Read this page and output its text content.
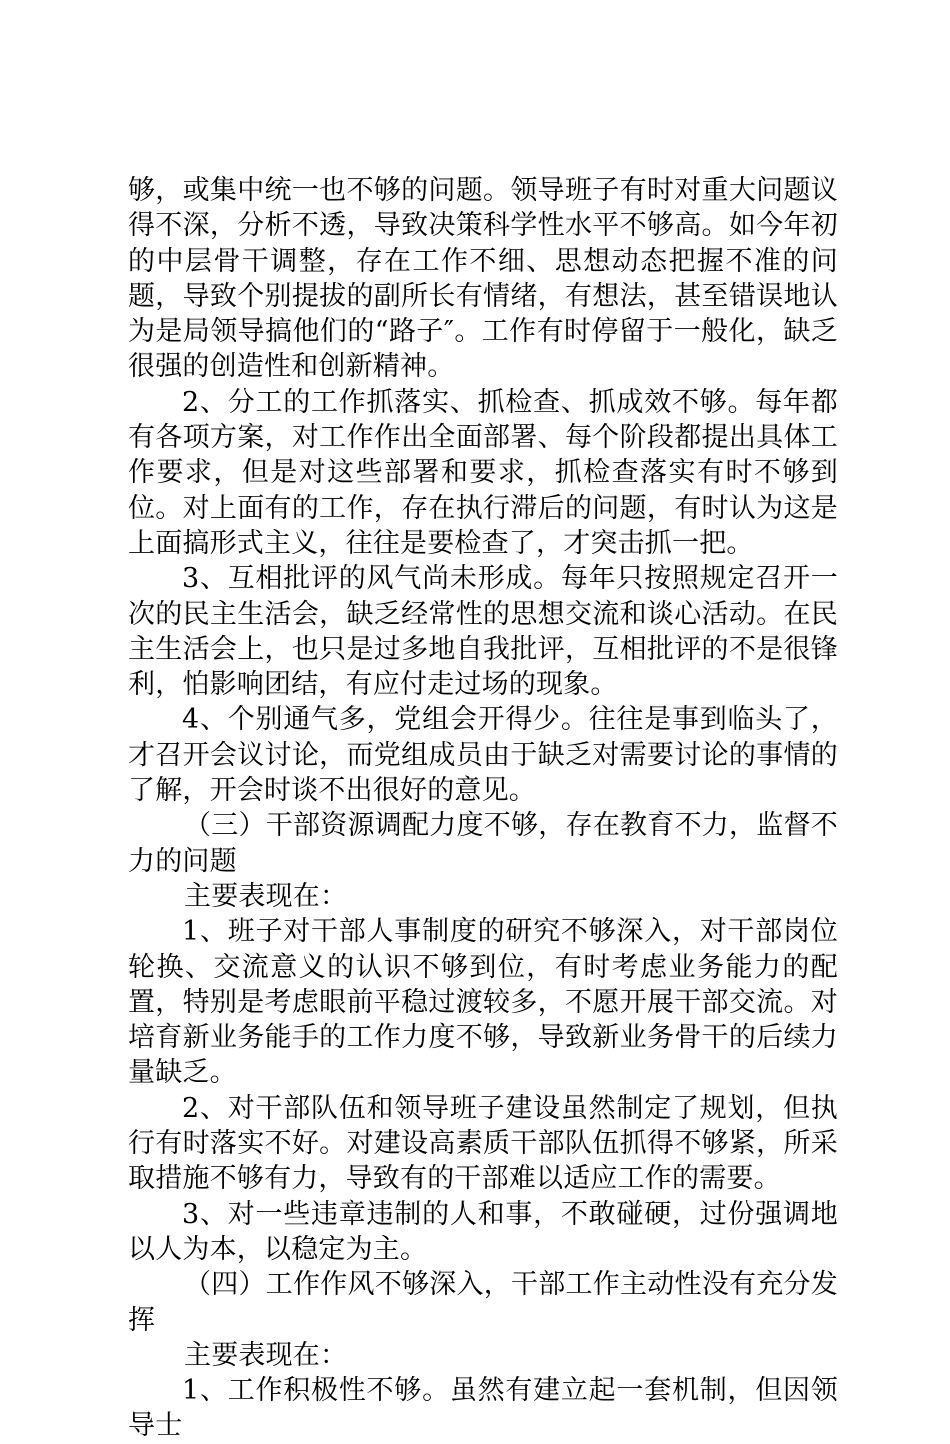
够，或集中统一也不够的问题。领导班子有时对重大问题议得不深，分析不透，导致决策科学性水平不够高。如今年初的中层骨干调整，存在工作不细、思想动态把握不准的问题，导致个别提拔的副所长有情绪，有想法，甚至错误地认为是局领导搞他们的“路子″。工作有时停留于一般化，缺乏很强的创造性和创新精神。

2、分工的工作抓落实、抓检查、抓成效不够。每年都有各项方案，对工作作出全面部署、每个阶段都提出具体工作要求，但是对这些部署和要求，抓检查落实有时不够到位。对上面有的工作，存在执行滞后的问题，有时认为这是上面搞形式主义，往往是要检查了，才突击抓一把。

3、互相批评的风气尚未形成。每年只按照规定召开一次的民主生活会，缺乏经常性的思想交流和谈心活动。在民主生活会上，也只是过多地自我批评，互相批评的不是很锋利，怕影响团结，有应付走过场的现象。

4、个别通气多，党组会开得少。往往是事到临头了，才召开会议讨论，而党组成员由于缺乏对需要讨论的事情的了解，开会时谈不出很好的意见。

（三）干部资源调配力度不够，存在教育不力，监督不力的问题

主要表现在：

1、班子对干部人事制度的研究不够深入，对干部岗位轮换、交流意义的认识不够到位，有时考虑业务能力的配置，特别是考虑眼前平稳过渡较多，不愿开展干部交流。对培育新业务能手的工作力度不够，导致新业务骨干的后续力量缺乏。

2、对干部队伍和领导班子建设虽然制定了规划，但执行有时落实不好。对建设高素质干部队伍抓得不够紧，所采取措施不够有力，导致有的干部难以适应工作的需要。

3、对一些违章违制的人和事，不敢碰硬，过份强调地以人为本，以稳定为主。

（四）工作作风不够深入，干部工作主动性没有充分发挥

主要表现在：

1、工作积极性不够。虽然有建立起一套机制，但因领导士
